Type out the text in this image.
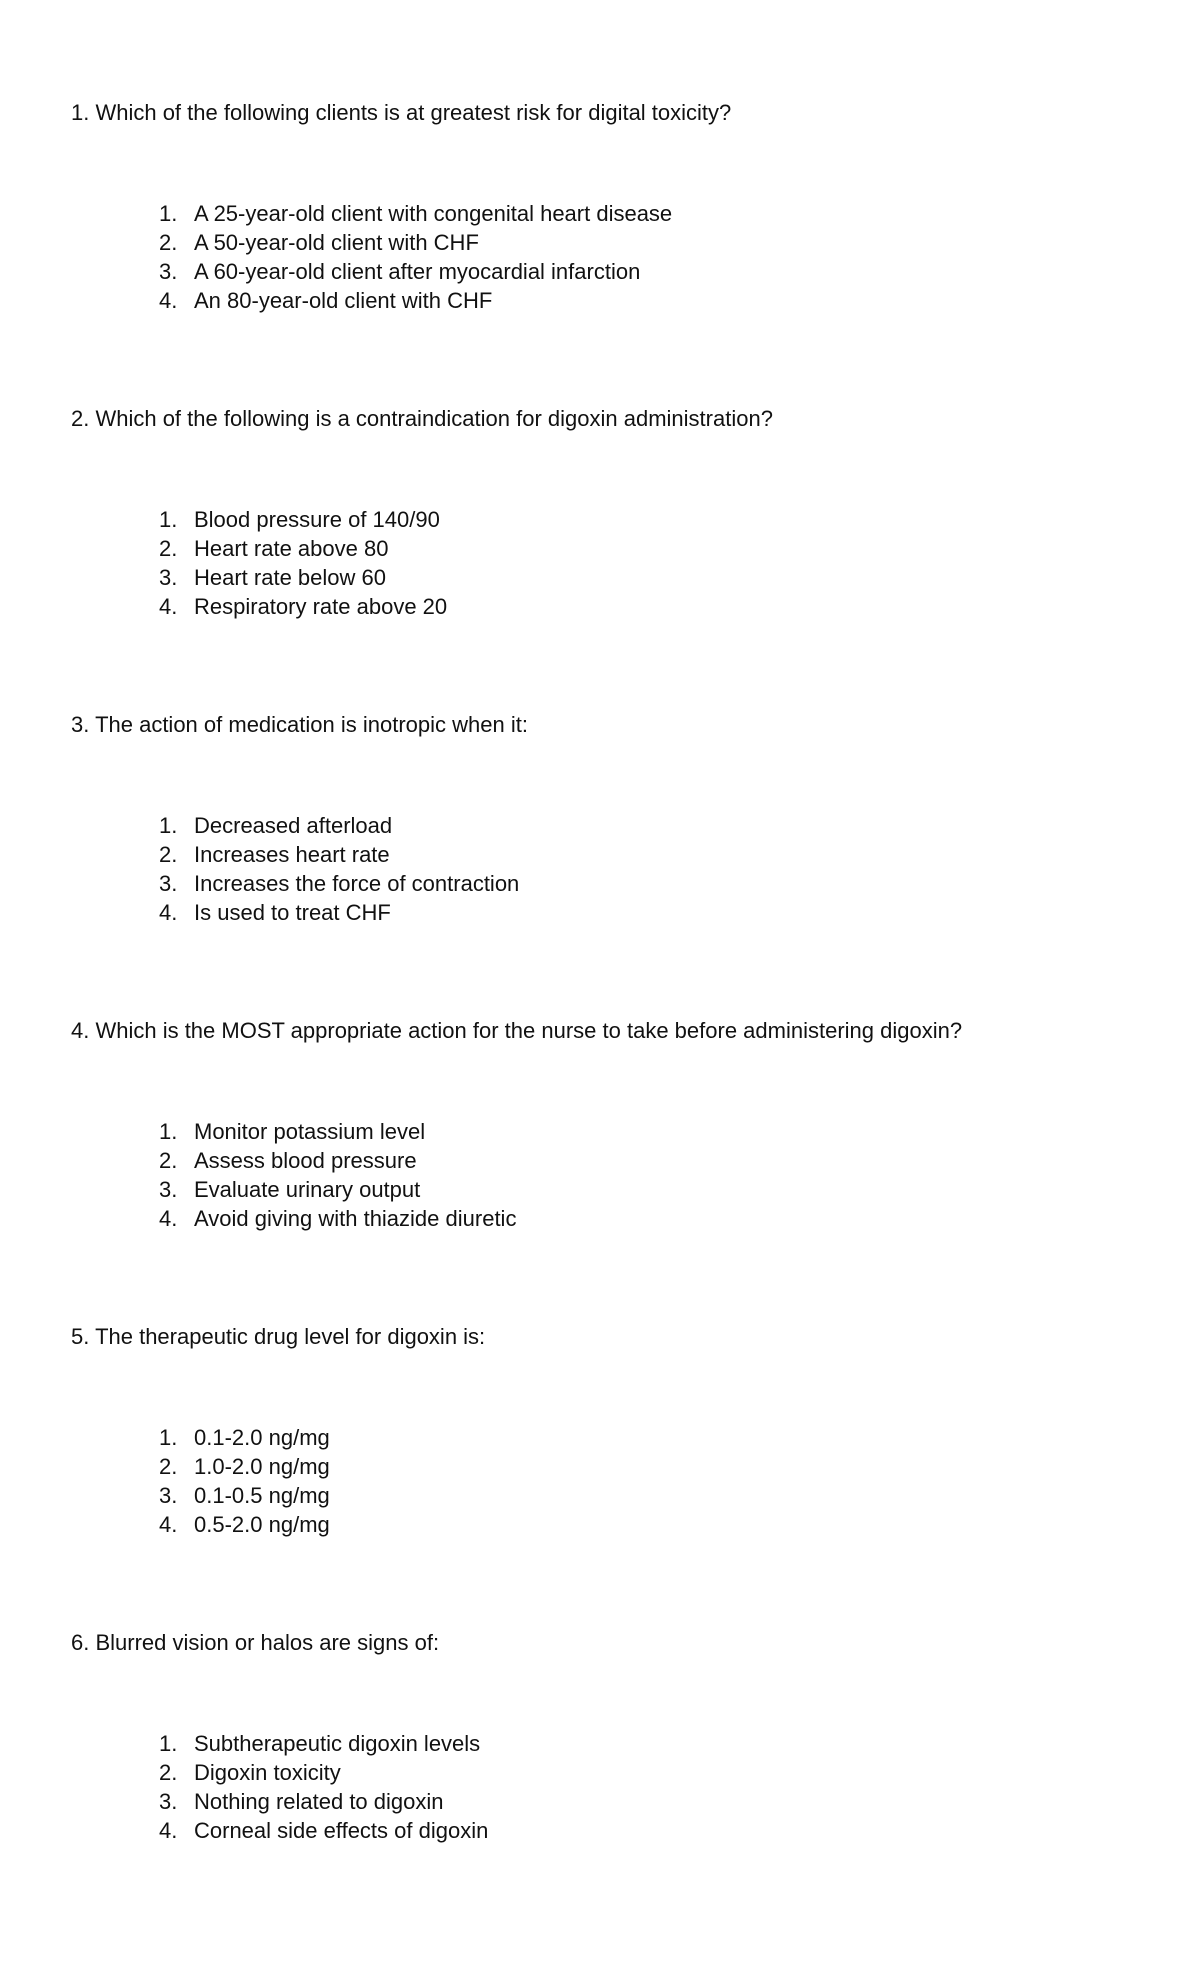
1. Which of the following clients is at greatest risk for digital toxicity?

1. A 25-year-old client with congenital heart disease
2. A 50-year-old client with CHF
3. A 60-year-old client after myocardial infarction
4. An 80-year-old client with CHF

2. Which of the following is a contraindication for digoxin administration?

1. Blood pressure of 140/90
2. Heart rate above 80
3. Heart rate below 60
4. Respiratory rate above 20

3. The action of medication is inotropic when it:

1. Decreased afterload
2. Increases heart rate
3. Increases the force of contraction
4. Is used to treat CHF

4. Which is the MOST appropriate action for the nurse to take before administering digoxin?

1. Monitor potassium level
2. Assess blood pressure
3. Evaluate urinary output
4. Avoid giving with thiazide diuretic

5. The therapeutic drug level for digoxin is:

1. 0.1-2.0 ng/mg
2. 1.0-2.0 ng/mg
3. 0.1-0.5 ng/mg
4. 0.5-2.0 ng/mg

6. Blurred vision or halos are signs of:

1. Subtherapeutic digoxin levels
2. Digoxin toxicity
3. Nothing related to digoxin
4. Corneal side effects of digoxin
